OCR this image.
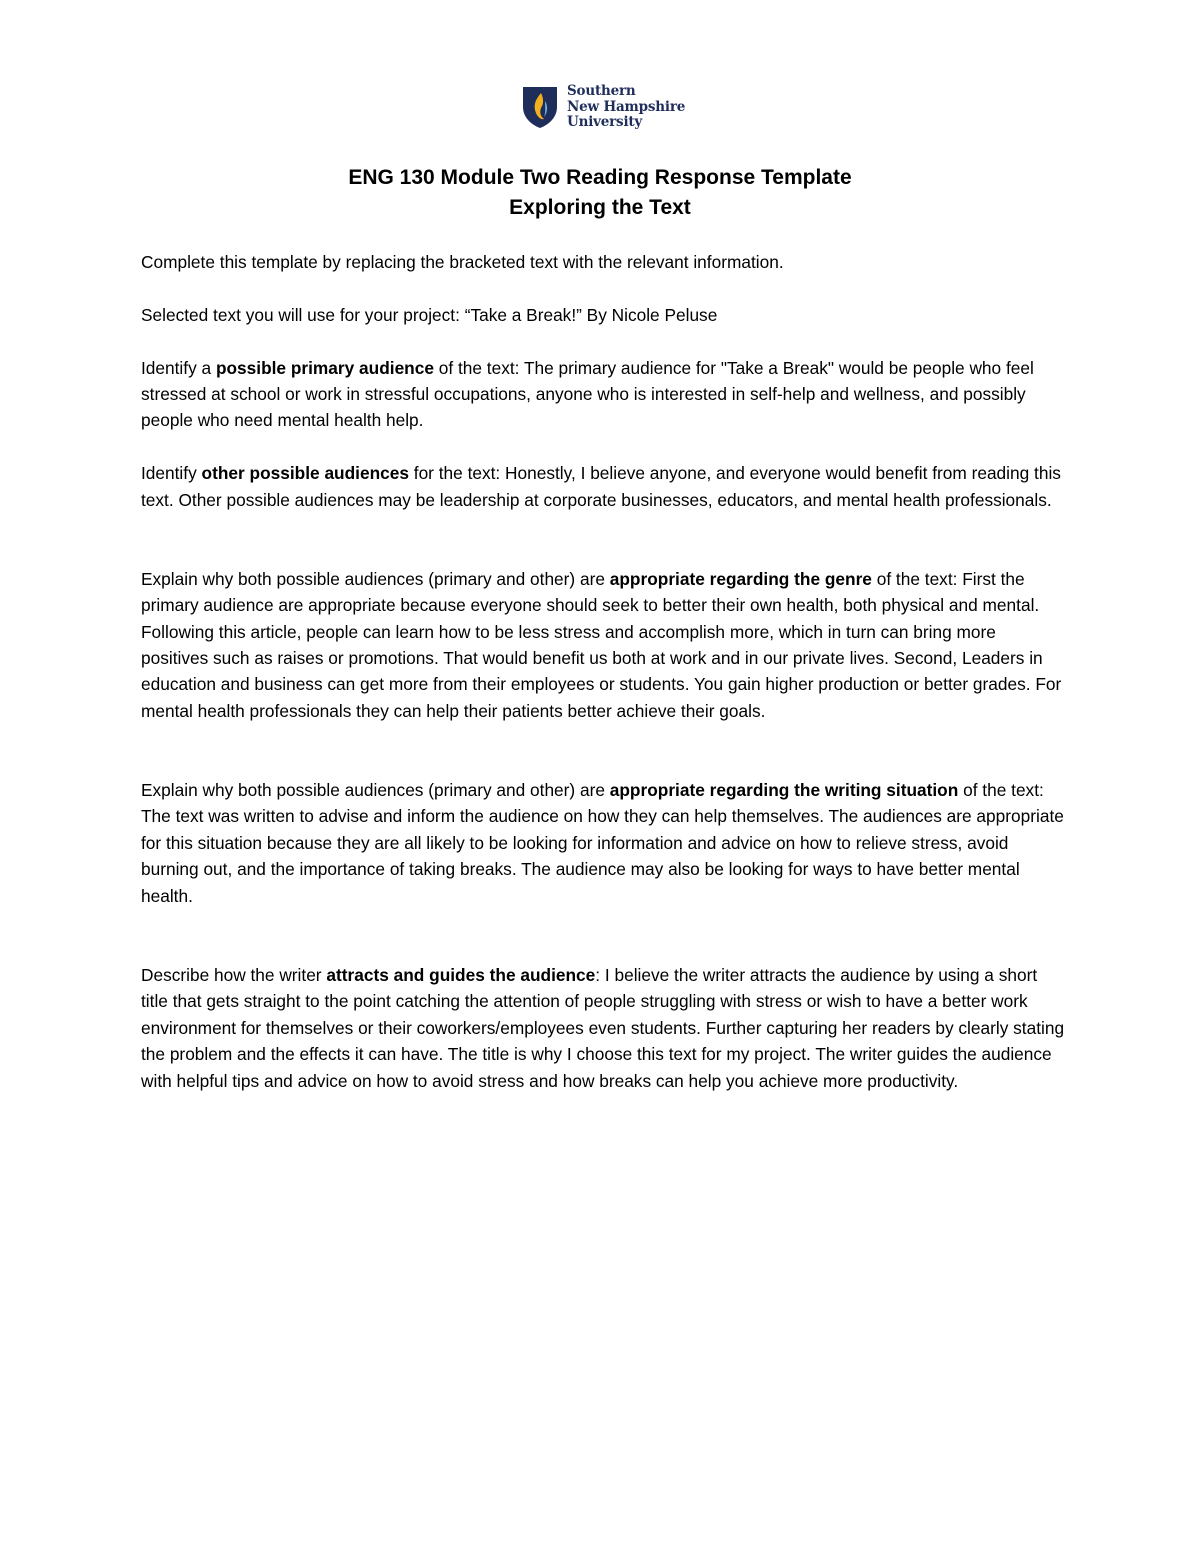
Southern
New Hampshire
University
ENG 130 Module Two Reading Response Template
Exploring the Text

Complete this template by replacing the bracketed text with the relevant information.

Selected text you will use for your project: “Take a Break!” By Nicole Peluse

Identify a possible primary audience of the text: The primary audience for "Take a Break" would be people who feel stressed at school or work in stressful occupations, anyone who is interested in self-help and wellness, and possibly people who need mental health help.

Identify other possible audiences for the text: Honestly, I believe anyone, and everyone would benefit from reading this text. Other possible audiences may be leadership at corporate businesses, educators, and mental health professionals.

Explain why both possible audiences (primary and other) are appropriate regarding the genre of the text: First the primary audience are appropriate because everyone should seek to better their own health, both physical and mental. Following this article, people can learn how to be less stress and accomplish more, which in turn can bring more positives such as raises or promotions. That would benefit us both at work and in our private lives. Second, Leaders in education and business can get more from their employees or students. You gain higher production or better grades. For mental health professionals they can help their patients better achieve their goals.

Explain why both possible audiences (primary and other) are appropriate regarding the writing situation of the text: The text was written to advise and inform the audience on how they can help themselves. The audiences are appropriate for this situation because they are all likely to be looking for information and advice on how to relieve stress, avoid burning out, and the importance of taking breaks. The audience may also be looking for ways to have better mental health.

Describe how the writer attracts and guides the audience: I believe the writer attracts the audience by using a short title that gets straight to the point catching the attention of people struggling with stress or wish to have a better work environment for themselves or their coworkers/employees even students. Further capturing her readers by clearly stating the problem and the effects it can have. The title is why I choose this text for my project. The writer guides the audience with helpful tips and advice on how to avoid stress and how breaks can help you achieve more productivity.
